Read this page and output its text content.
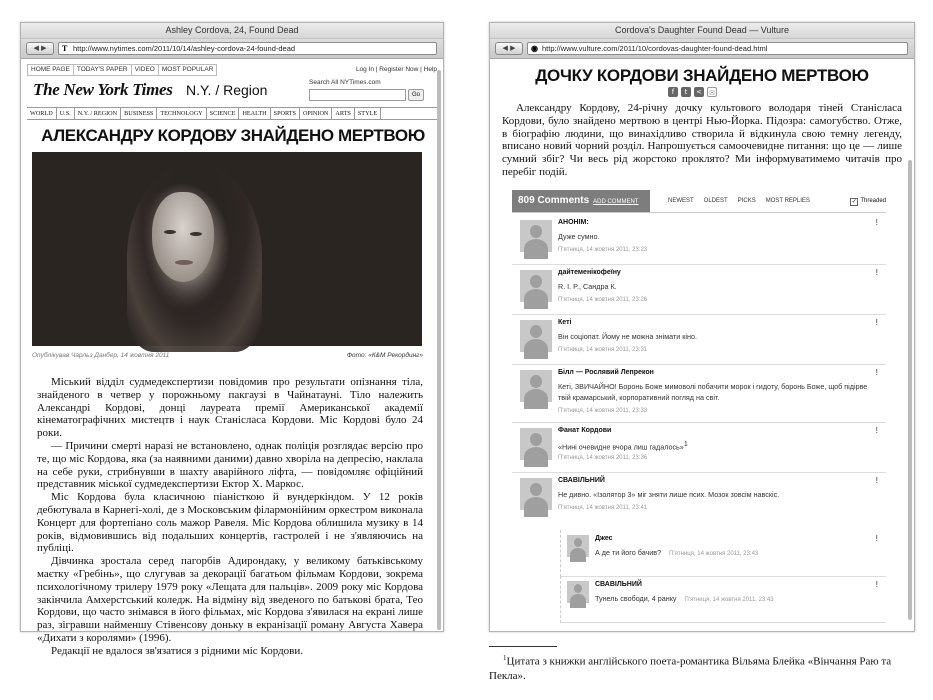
Ashley Cordova, 24, Found Dead
◀ ▶	T http://www.nytimes.com/2011/10/14/ashley-cordova-24-found-dead
HOME PAGE TODAY'S PAPER VIDEO MOST POPULAR	Log In | Register Now | Help
The New York Times N.Y. / Region	Search All NYTimes.com
Go
WORLD U.S. N.Y. / REGION BUSINESS TECHNOLOGY SCIENCE HEALTH SPORTS OPINION ARTS STYLE
АЛЕКСАНДРУ КОРДОВУ ЗНАЙДЕНО МЕРТВОЮ
Опублікував Чарльз Данбер, 14 жовтня 2011	Фото: «К&М Рекординг»

Міський відділ судмедекспертизи повідомив про результати опізнання тіла, знайденого в четвер у порожньому пакгаузі в Чайнатауні. Тіло належить Александрі Кордові, донці лауреата премії Американської академії кінематографічних мистецтв і наук Станісласа Кордови. Міс Кордові було 24 роки.

— Причини смерті наразі не встановлено, однак поліція розглядає версію про те, що міс Кордова, яка (за наявними даними) давно хворіла на депресію, наклала на себе руки, стрибнувши в шахту аварійного ліфта, — повідомляє офіційний представник міської судмедекспертизи Ектор Х. Маркос.

Міс Кордова була класичною піаністкою й вундеркіндом. У 12 років дебютувала в Карнегі-холі, де з Московським філармонійним оркестром виконала Концерт для фортепіано соль мажор Равеля. Міс Кордова облишила музику в 14 років, відмовившись від подальших концертів, гастролей і не з'являючись на публіці.

Дівчинка зростала серед пагорбів Адирондаку, у великому батьківському маєтку «Гребінь», що слугував за декорації багатьом фільмам Кордови, зокрема психологічному трилеру 1979 року «Лещата для пальців». 2009 року міс Кордова закінчила Амхерстський коледж. На відміну від зведеного по батькові брата, Тео Кордови, що часто знімався в його фільмах, міс Кордова з'явилася на екрані лише раз, зігравши найменшу Стівенсову доньку в екранізації роману Августа Хавера «Дихати з королями» (1996).

Редакції не вдалося зв'язатися з рідними міс Кордови.

Cordova's Daughter Found Dead — Vulture
◀ ▶	◉ http://www.vulture.com/2011/10/cordovas-daughter-found-dead.html
ДОЧКУ КОРДОВИ ЗНАЙДЕНО МЕРТВОЮ
f t < ✉

Александру Кордову, 24-річну дочку культового володаря тіней Станісласа Кордови, було знайдено мертвою в центрі Нью-Йорка. Підозра: самогубство. Отже, в біографію людини, що винахідливо створила й відкинула свою темну легенду, вписано новий чорний розділ. Напрошується самоочевидне питання: що це — лише сумний збіг? Чи весь рід жорстоко проклято? Ми інформуватимемо читачів про перебіг подій.

809 Comments ADD COMMENT	NEWEST OLDEST PICKS MOST REPLIES	✓ Threaded
АНОНІМ:
Дуже сумно.
П'ятниця, 14 жовтня 2011, 23:23
!
дайтеменікофеїну
R. I. P., Сандра К.
П'ятниця, 14 жовтня 2011, 23:26
!
Кеті
Він соціопат. Йому не можна знімати кіно.
П'ятниця, 14 жовтня 2011, 23:31
!
Білл — Рослявий Лепрекон
Кеті, ЗВИЧАЙНО! Боронь Боже мимоволі побачити морок і гидоту, боронь Боже, щоб підірве твій крамарський, корпоративний погляд на світ.
П'ятниця, 14 жовтня 2011, 23:33
!
Фанат Кордови
«Нині очевидне вчора лиш гадалось»$^1$
П'ятниця, 14 жовтня 2011, 23:36
!
СВАВІЛЬНИЙ
Не дивно. «Ізолятор 3» міг зняти лише псих. Мозок зовсім навскіс.
П'ятниця, 14 жовтня 2011, 23:41
!
Джес
А де ти його бачив? П'ятниця, 14 жовтня 2011, 23:43
!
СВАВІЛЬНИЙ
Тунель свободи, 4 ранку П'ятниця, 14 жовтня 2011, 23:43
!
$^1$Цитата з книжки англійського поета-романтика Вільяма Блейка «Вінчання Раю та Пекла».
